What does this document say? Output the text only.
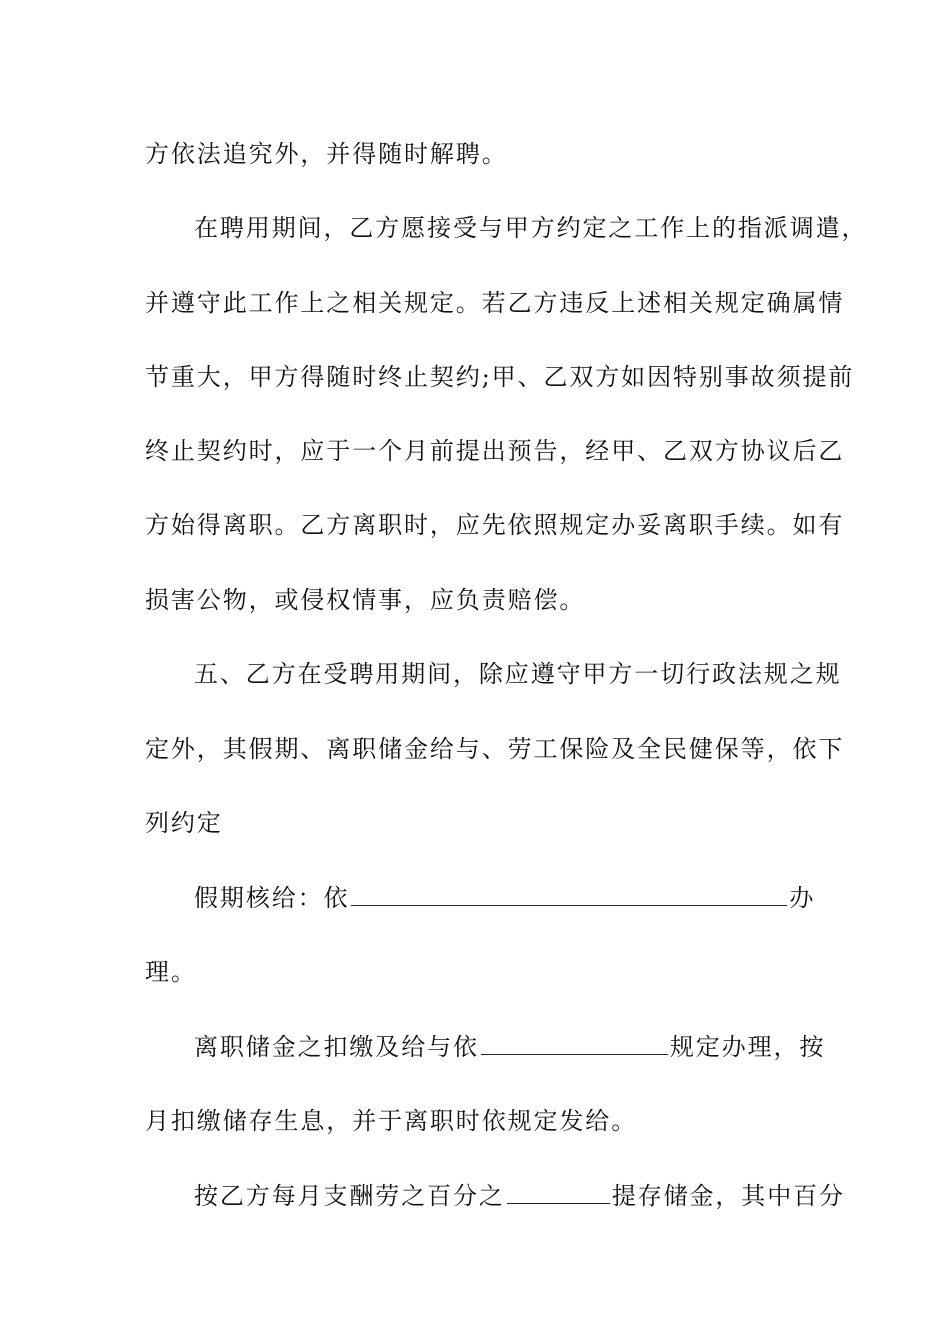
方依法追究外，并得随时解聘。
在聘用期间，乙方愿接受与甲方约定之工作上的指派调遣，
并遵守此工作上之相关规定。若乙方违反上述相关规定确属情
节重大，甲方得随时终止契约;甲、乙双方如因特别事故须提前
终止契约时，应于一个月前提出预告，经甲、乙双方协议后乙
方始得离职。乙方离职时，应先依照规定办妥离职手续。如有
损害公物，或侵权情事，应负责赔偿。
五、乙方在受聘用期间，除应遵守甲方一切行政法规之规
定外，其假期、离职储金给与、劳工保险及全民健保等，依下
列约定
假期核给：依	办
理。
离职储金之扣缴及给与依	规定办理，按
月扣缴储存生息，并于离职时依规定发给。
按乙方每月支酬劳之百分之	提存储金，其中百分
